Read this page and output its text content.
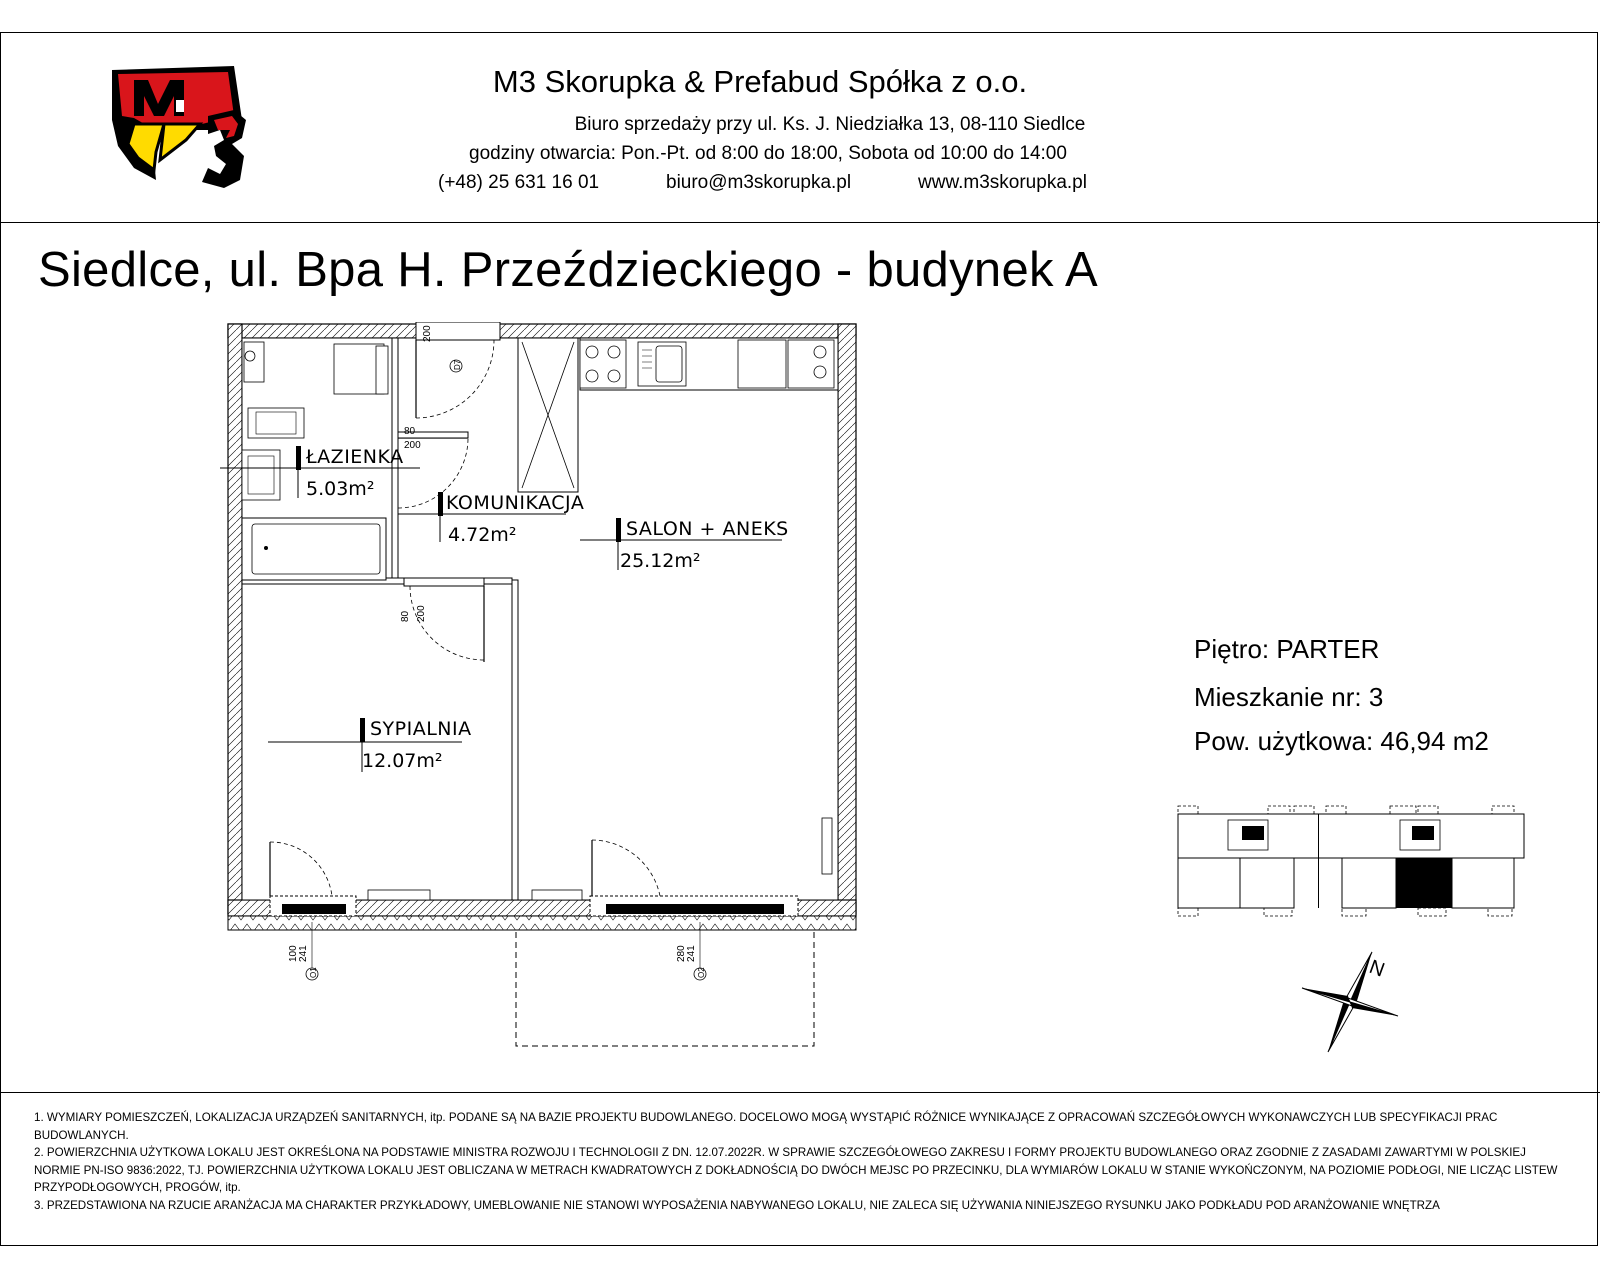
M3
M3 Skorupka & Prefabud Spółka z o.o.
Biuro sprzedaży przy ul. Ks. J. Niedziałka 13, 08-110 Siedlce
godziny otwarcia: Pon.-Pt. od 8:00 do 18:00, Sobota od 10:00 do 14:00
(+48) 25 631 16 01	biuro@m3skorupka.pl	www.m3skorupka.pl
Siedlce, ul. Bpa H. Przeździeckiego - budynek A
Piętro: PARTER
Mieszkanie nr: 3
Pow. użytkowa: 46,94 m2
200
D7
80
200
80 200
100 241
O1
280 241
O2
ŁAZIENKA
5.03m²
KOMUNIKACJA
4.72m²	SALON + ANEKS
25.12m²
SYPIALNIA
12.07m²
N

1. WYMIARY POMIESZCZEŃ, LOKALIZACJA URZĄDZEŃ SANITARNYCH, itp. PODANE SĄ NA BAZIE PROJEKTU BUDOWLANEGO. DOCELOWO MOGĄ WYSTĄPIĆ RÓŻNICE WYNIKAJĄCE Z OPRACOWAŃ SZCZEGÓŁOWYCH WYKONAWCZYCH LUB SPECYFIKACJI PRAC BUDOWLANYCH.

2. POWIERZCHNIA UŻYTKOWA LOKALU JEST OKREŚLONA NA PODSTAWIE MINISTRA ROZWOJU I TECHNOLOGII Z DN. 12.07.2022R. W SPRAWIE SZCZEGÓŁOWEGO ZAKRESU I FORMY PROJEKTU BUDOWLANEGO ORAZ ZGODNIE Z ZASADAMI ZAWARTYMI W POLSKIEJ NORMIE PN-ISO 9836:2022, TJ. POWIERZCHNIA UŻYTKOWA LOKALU JEST OBLICZANA W METRACH KWADRATOWYCH Z DOKŁADNOŚCIĄ DO DWÓCH MEJSC PO PRZECINKU, DLA WYMIARÓW LOKALU W STANIE WYKOŃCZONYM, NA POZIOMIE PODŁOGI, NIE LICZĄC LISTEW PRZYPODŁOGOWYCH, PROGÓW, itp.

3. PRZEDSTAWIONA NA RZUCIE ARANŻACJA MA CHARAKTER PRZYKŁADOWY, UMEBLOWANIE NIE STANOWI WYPOSAŻENIA NABYWANEGO LOKALU, NIE ZALECA SIĘ UŻYWANIA NINIEJSZEGO RYSUNKU JAKO PODKŁADU POD ARANŻOWANIE WNĘTRZA
